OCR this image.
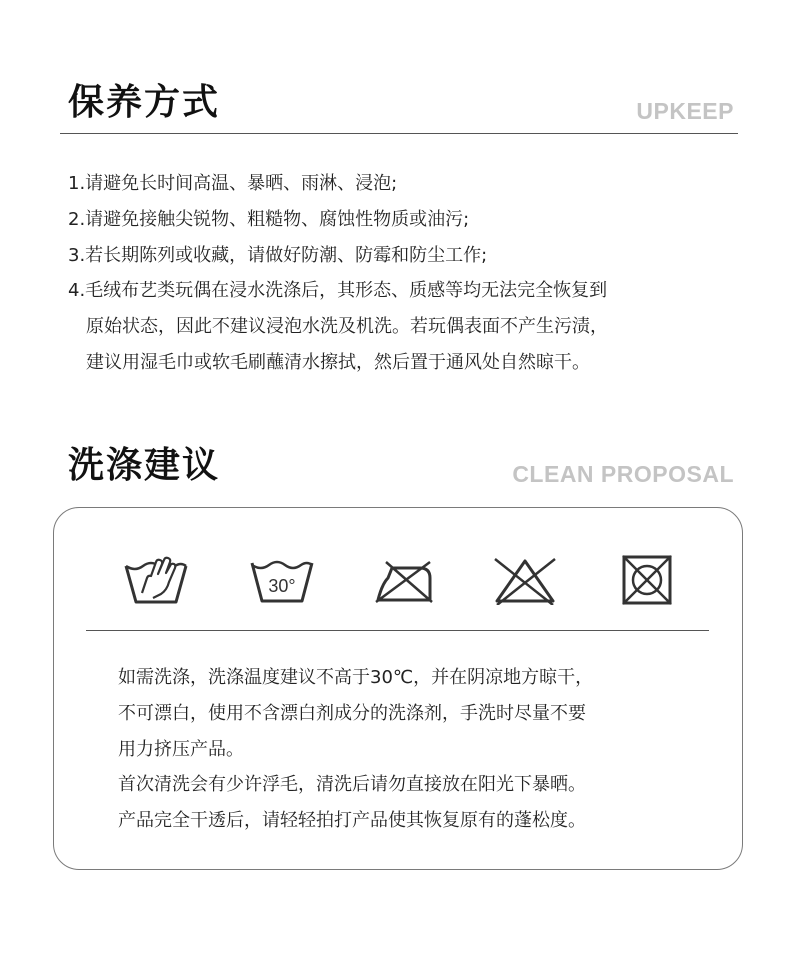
保养方式	UPKEEP
1.请避免长时间高温、暴晒、雨淋、浸泡;
2.请避免接触尖锐物、粗糙物、腐蚀性物质或油污;
3.若长期陈列或收藏，请做好防潮、防霉和防尘工作;
4.毛绒布艺类玩偶在浸水洗涤后，其形态、质感等均无法完全恢复到
原始状态，因此不建议浸泡水洗及机洗。若玩偶表面不产生污渍，
建议用湿毛巾或软毛刷蘸清水擦拭，然后置于通风处自然晾干。
洗涤建议	CLEAN PROPOSAL
30°

如需洗涤，洗涤温度建议不高于30℃，并在阴凉地方晾干，

不可漂白，使用不含漂白剂成分的洗涤剂，手洗时尽量不要

用力挤压产品。

首次清洗会有少许浮毛，清洗后请勿直接放在阳光下暴晒。

产品完全干透后，请轻轻拍打产品使其恢复原有的蓬松度。
